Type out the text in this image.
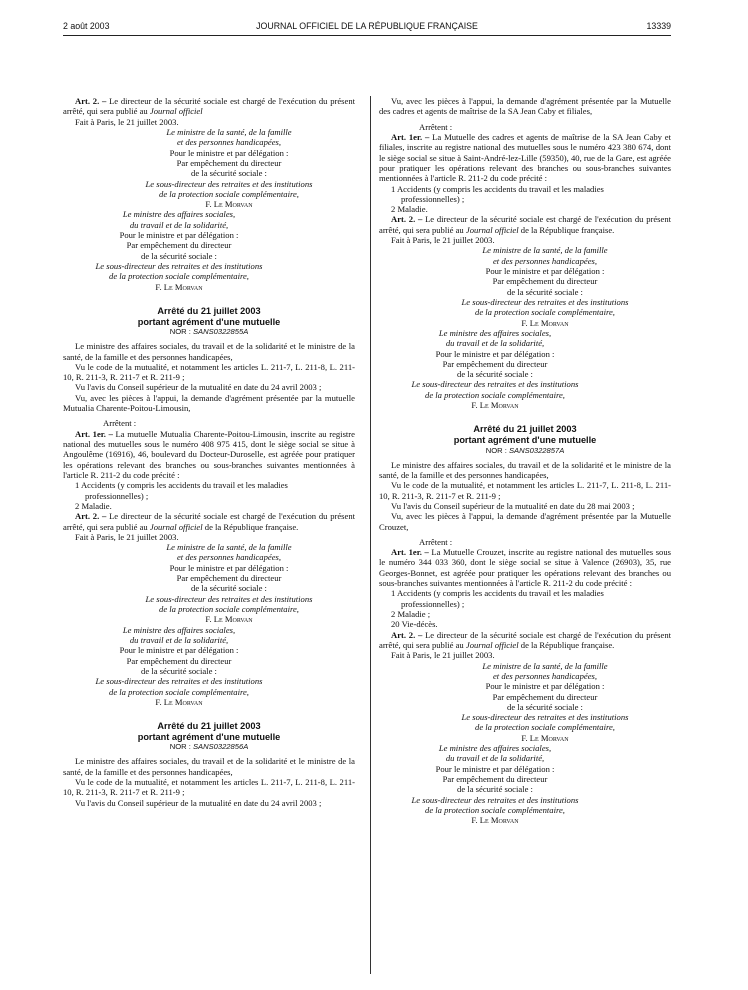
2 août 2003	JOURNAL OFFICIEL DE LA RÉPUBLIQUE FRANÇAISE	13339

Art. 2. – Le directeur de la sécurité sociale est chargé de l'exécution du présent arrêté, qui sera publié au Journal officiel

Fait à Paris, le 21 juillet 2003.

Le ministre de la santé, de la famille
et des personnes handicapées,
Pour le ministre et par délégation :
Par empêchement du directeur
de la sécurité sociale :
Le sous-directeur des retraites et des institutions
de la protection sociale complémentaire,
F. Le Morvan
Le ministre des affaires sociales,
du travail et de la solidarité,
Pour le ministre et par délégation :
Par empêchement du directeur
de la sécurité sociale :
Le sous-directeur des retraites et des institutions
de la protection sociale complémentaire,
F. Le Morvan
Arrêté du 21 juillet 2003
portant agrément d'une mutuelle
NOR : SANS0322855A

Le ministre des affaires sociales, du travail et de la solidarité et le ministre de la santé, de la famille et des personnes handicapées,

Vu le code de la mutualité, et notamment les articles L. 211-7, L. 211-8, L. 211-10, R. 211-3, R. 211-7 et R. 211-9 ;

Vu l'avis du Conseil supérieur de la mutualité en date du 24 avril 2003 ;

Vu, avec les pièces à l'appui, la demande d'agrément présentée par la mutuelle Mutualia Charente-Poitou-Limousin,

Arrêtent :

Art. 1er. – La mutuelle Mutualia Charente-Poitou-Limousin, inscrite au registre national des mutuelles sous le numéro 408 975 415, dont le siège social se situe à Angoulême (16916), 46, boulevard du Docteur-Duroselle, est agréée pour pratiquer les opérations relevant des branches ou sous-branches suivantes mentionnées à l'article R. 211-2 du code précité :

1 Accidents (y compris les accidents du travail et les maladies

professionnelles) ;

2 Maladie.

Art. 2. – Le directeur de la sécurité sociale est chargé de l'exécution du présent arrêté, qui sera publié au Journal officiel de la République française.

Fait à Paris, le 21 juillet 2003.

Le ministre de la santé, de la famille
et des personnes handicapées,
Pour le ministre et par délégation :
Par empêchement du directeur
de la sécurité sociale :
Le sous-directeur des retraites et des institutions
de la protection sociale complémentaire,
F. Le Morvan
Le ministre des affaires sociales,
du travail et de la solidarité,
Pour le ministre et par délégation :
Par empêchement du directeur
de la sécurité sociale :
Le sous-directeur des retraites et des institutions
de la protection sociale complémentaire,
F. Le Morvan
Arrêté du 21 juillet 2003
portant agrément d'une mutuelle
NOR : SANS0322856A

Le ministre des affaires sociales, du travail et de la solidarité et le ministre de la santé, de la famille et des personnes handicapées,

Vu le code de la mutualité, et notamment les articles L. 211-7, L. 211-8, L. 211-10, R. 211-3, R. 211-7 et R. 211-9 ;

Vu l'avis du Conseil supérieur de la mutualité en date du 24 avril 2003 ;

Vu, avec les pièces à l'appui, la demande d'agrément présentée par la Mutuelle des cadres et agents de maîtrise de la SA Jean Caby et filiales,

Arrêtent :

Art. 1er. – La Mutuelle des cadres et agents de maîtrise de la SA Jean Caby et filiales, inscrite au registre national des mutuelles sous le numéro 423 380 674, dont le siège social se situe à Saint-André-lez-Lille (59350), 40, rue de la Gare, est agréée pour pratiquer les opérations relevant des branches ou sous-branches suivantes mentionnées à l'article R. 211-2 du code précité :

1 Accidents (y compris les accidents du travail et les maladies

professionnelles) ;

2 Maladie.

Art. 2. – Le directeur de la sécurité sociale est chargé de l'exécution du présent arrêté, qui sera publié au Journal officiel de la République française.

Fait à Paris, le 21 juillet 2003.

Le ministre de la santé, de la famille
et des personnes handicapées,
Pour le ministre et par délégation :
Par empêchement du directeur
de la sécurité sociale :
Le sous-directeur des retraites et des institutions
de la protection sociale complémentaire,
F. Le Morvan
Le ministre des affaires sociales,
du travail et de la solidarité,
Pour le ministre et par délégation :
Par empêchement du directeur
de la sécurité sociale :
Le sous-directeur des retraites et des institutions
de la protection sociale complémentaire,
F. Le Morvan
Arrêté du 21 juillet 2003
portant agrément d'une mutuelle
NOR : SANS0322857A

Le ministre des affaires sociales, du travail et de la solidarité et le ministre de la santé, de la famille et des personnes handicapées,

Vu le code de la mutualité, et notamment les articles L. 211-7, L. 211-8, L. 211-10, R. 211-3, R. 211-7 et R. 211-9 ;

Vu l'avis du Conseil supérieur de la mutualité en date du 28 mai 2003 ;

Vu, avec les pièces à l'appui, la demande d'agrément présentée par la Mutuelle Crouzet,

Arrêtent :

Art. 1er. – La Mutuelle Crouzet, inscrite au registre national des mutuelles sous le numéro 344 033 360, dont le siège social se situe à Valence (26903), 35, rue Georges-Bonnet, est agréée pour pratiquer les opérations relevant des branches ou sous-branches suivantes mentionnées à l'article R. 211-2 du code précité :

1 Accidents (y compris les accidents du travail et les maladies

professionnelles) ;

2 Maladie ;

20 Vie-décès.

Art. 2. – Le directeur de la sécurité sociale est chargé de l'exécution du présent arrêté, qui sera publié au Journal officiel de la République française.

Fait à Paris, le 21 juillet 2003.

Le ministre de la santé, de la famille
et des personnes handicapées,
Pour le ministre et par délégation :
Par empêchement du directeur
de la sécurité sociale :
Le sous-directeur des retraites et des institutions
de la protection sociale complémentaire,
F. Le Morvan
Le ministre des affaires sociales,
du travail et de la solidarité,
Pour le ministre et par délégation :
Par empêchement du directeur
de la sécurité sociale :
Le sous-directeur des retraites et des institutions
de la protection sociale complémentaire,
F. Le Morvan
